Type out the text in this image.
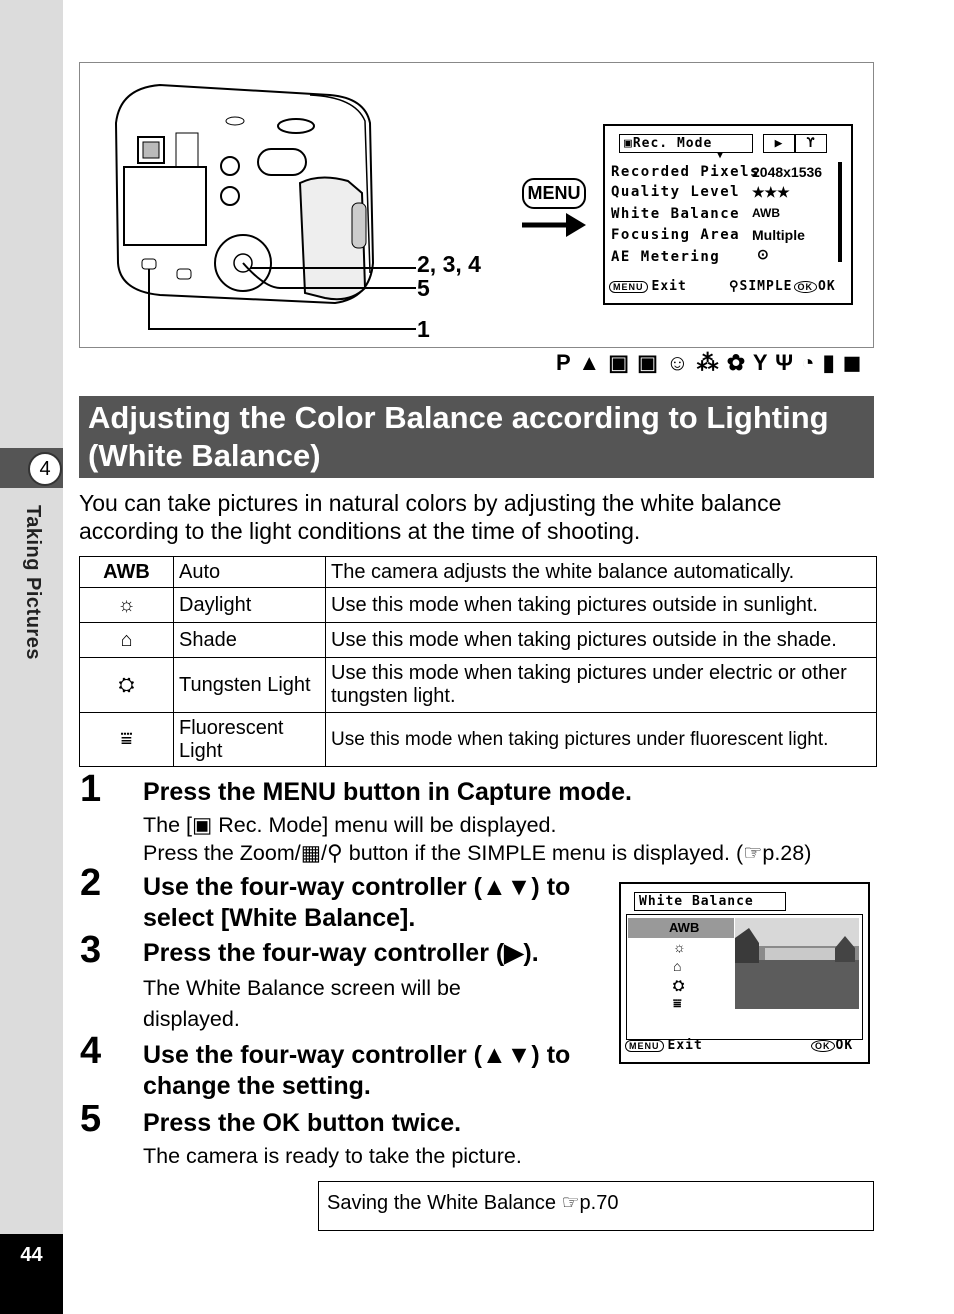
4
Taking Pictures
44
2, 3, 4
5
1
MENU
▣Rec. Mode	▶	ϒ
▼
Recorded Pixels
2048x1536
Quality Level ★★★
White Balance AWB
Focusing Area Multiple
AE Metering	⊙
MENU Exit	⚲SIMPLE OK OK
P ▲ ▣ ▣ ☺ ⁂ ✿ Y Ψ ◔ ▮ ◼
Adjusting the Color Balance according to Lighting (White Balance)
You can take pictures in natural colors by adjusting the white balance according to the light conditions at the time of shooting.
AWB	Auto	The camera adjusts the white balance automatically.
☼	Daylight	Use this mode when taking pictures outside in sunlight.
⌂	Shade	Use this mode when taking pictures outside in the shade.
⛭	Tungsten Light	Use this mode when taking pictures under electric or other tungsten light.
⩸	Fluorescent Light	Use this mode when taking pictures under fluorescent light.
1 Press the MENU button in Capture mode.
The [▣ Rec. Mode] menu will be displayed.
Press the Zoom/▦/⚲ button if the SIMPLE menu is displayed. (☞p.28)
2 Use the four-way controller (▲▼) to select [White Balance].
3 Press the four-way controller (▶).
The White Balance screen will be displayed.
4 Use the four-way controller (▲▼) to change the setting.
5 Press the OK button twice.
The camera is ready to take the picture.
White Balance
AWB
☼
⌂
⛭
⩸
MENU Exit	OK OK
Saving the White Balance ☞p.70
